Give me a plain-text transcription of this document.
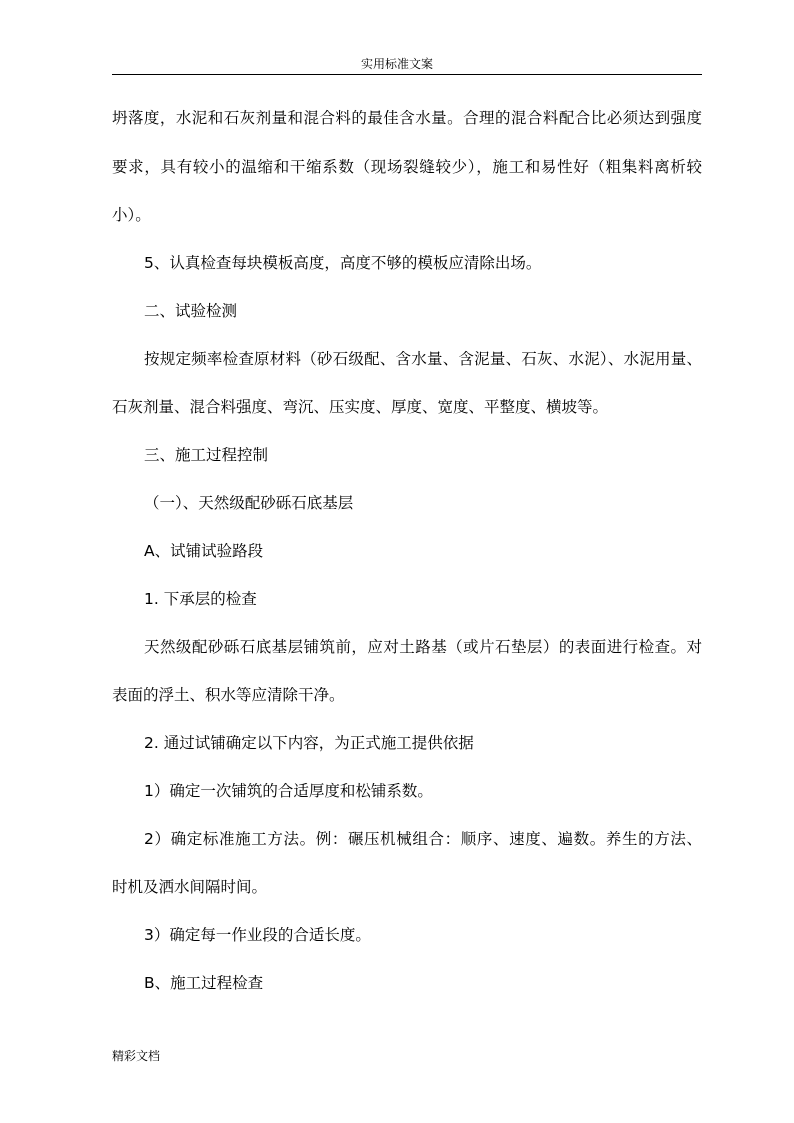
实用标准文案
坍落度，水泥和石灰剂量和混合料的最佳含水量。合理的混合料配合比必须达到强度
要求，具有较小的温缩和干缩系数（现场裂缝较少），施工和易性好（粗集料离析较
小）。
5、认真检查每块模板高度，高度不够的模板应清除出场。
二、试验检测
按规定频率检查原材料（砂石级配、含水量、含泥量、石灰、水泥）、水泥用量、
石灰剂量、混合料强度、弯沉、压实度、厚度、宽度、平整度、横坡等。
三、施工过程控制
（一）、天然级配砂砾石底基层
A、试铺试验路段
1. 下承层的检查
天然级配砂砾石底基层铺筑前，应对土路基（或片石垫层）的表面进行检查。对
表面的浮土、积水等应清除干净。
2. 通过试铺确定以下内容，为正式施工提供依据
1）确定一次铺筑的合适厚度和松铺系数。
2）确定标准施工方法。例：碾压机械组合：顺序、速度、遍数。养生的方法、
时机及洒水间隔时间。
3）确定每一作业段的合适长度。
B、施工过程检查
精彩文档
